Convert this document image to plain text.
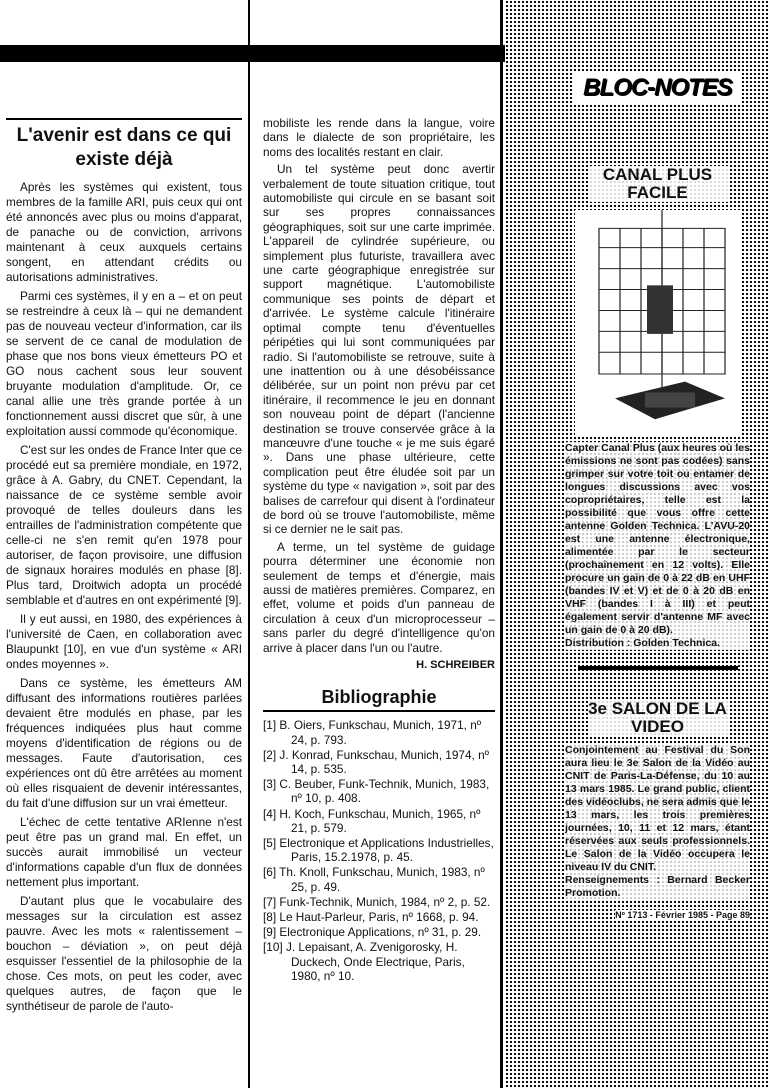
L'avenir est dans ce qui existe déjà

Après les systèmes qui existent, tous membres de la famille ARI, puis ceux qui ont été annoncés avec plus ou moins d'apparat, de panache ou de conviction, arrivons maintenant à ceux auxquels certains songent, en attendant crédits ou autorisations administratives.

Parmi ces systèmes, il y en a – et on peut se restreindre à ceux là – qui ne demandent pas de nouveau vecteur d'information, car ils se servent de ce canal de modulation de phase que nos bons vieux émetteurs PO et GO nous cachent sous leur souvent bruyante modulation d'amplitude. Or, ce canal allie une très grande portée à un fonctionnement aussi discret que sûr, à une exploitation aussi commode qu'économique.

C'est sur les ondes de France Inter que ce procédé eut sa première mondiale, en 1972, grâce à A. Gabry, du CNET. Cependant, la naissance de ce système semble avoir provoqué de telles douleurs dans les entrailles de l'administration compétente que celle-ci ne s'en remit qu'en 1978 pour autoriser, de façon provisoire, une diffusion de signaux horaires modulés en phase [8]. Plus tard, Droitwich adopta un procédé semblable et d'autres en ont expérimenté [9].

Il y eut aussi, en 1980, des expériences à l'université de Caen, en collaboration avec Blaupunkt [10], en vue d'un système « ARI ondes moyennes ».

Dans ce système, les émetteurs AM diffusant des informations routières parlées devaient être modulés en phase, par les fréquences indiquées plus haut comme moyens d'identification de régions ou de messages. Faute d'autorisation, ces expériences ont dû être arrêtées au moment où elles risquaient de devenir intéressantes, du fait d'une diffusion sur un vrai émetteur.

L'échec de cette tentative ARIenne n'est peut être pas un grand mal. En effet, un succès aurait immobilisé un vecteur d'informations capable d'un flux de données nettement plus important.

D'autant plus que le vocabulaire des messages sur la circulation est assez pauvre. Avec les mots « ralentissement – bouchon – déviation », on peut déjà esquisser l'essentiel de la philosophie de la chose. Ces mots, on peut les coder, avec quelques autres, de façon que le synthétiseur de parole de l'auto-

mobiliste les rende dans la langue, voire dans le dialecte de son propriétaire, les noms des localités restant en clair.

Un tel système peut donc avertir verbalement de toute situation critique, tout automobiliste qui circule en se basant soit sur ses propres connaissances géographiques, soit sur une carte imprimée. L'appareil de cylindrée supérieure, ou simplement plus futuriste, travaillera avec une carte géographique enregistrée sur support magnétique. L'automobiliste communique ses points de départ et d'arrivée. Le système calcule l'itinéraire optimal compte tenu d'éventuelles péripéties qui lui sont communiquées par radio. Si l'automobiliste se retrouve, suite à une inattention ou à une désobéissance délibérée, sur un point non prévu par cet itinéraire, il recommence le jeu en donnant son nouveau point de départ (l'ancienne destination se trouve conservée grâce à la manœuvre d'une touche « je me suis égaré ». Dans une phase ultérieure, cette complication peut être éludée soit par un système du type « navigation », soit par des balises de carrefour qui disent à l'ordinateur de bord où se trouve l'automobiliste, même si ce dernier ne le sait pas.

A terme, un tel système de guidage pourra déterminer une économie non seulement de temps et d'énergie, mais aussi de matières premières. Comparez, en effet, volume et poids d'un panneau de circulation à ceux d'un microprocesseur – sans parler du degré d'intelligence qu'on arrive à placer dans l'un ou l'autre.

H. SCHREIBER
Bibliographie
[1] B. Oiers, Funkschau, Munich, 1971, nº 24, p. 793.
[2] J. Konrad, Funkschau, Munich, 1974, nº 14, p. 535.
[3] C. Beuber, Funk-Technik, Munich, 1983, nº 10, p. 408.
[4] H. Koch, Funkschau, Munich, 1965, nº 21, p. 579.
[5] Electronique et Applications Industrielles, Paris, 15.2.1978, p. 45.
[6] Th. Knoll, Funkschau, Munich, 1983, nº 25, p. 49.
[7] Funk-Technik, Munich, 1984, nº 2, p. 52.
[8] Le Haut-Parleur, Paris, nº 1668, p. 94.
[9] Electronique Applications, nº 31, p. 29.
[10] J. Lepaisant, A. Zvenigorosky, H. Duckech, Onde Electrique, Paris, 1980, nº 10.
BLOC-NOTES
CANAL PLUS FACILE
Capter Canal Plus (aux heures où les émissions ne sont pas codées) sans grimper sur votre toit ou entamer de longues discussions avec vos copropriétaires, telle est la possibilité que vous offre cette antenne Golden Technica. L'AVU-20 est une antenne électronique, alimentée par le secteur (prochainement en 12 volts). Elle procure un gain de 0 à 22 dB en UHF (bandes IV et V) et de 0 à 20 dB en VHF (bandes I à III) et peut également servir d'antenne MF avec un gain de 0 à 20 dB).
Distribution : Golden Technica.
3e SALON DE LA VIDEO
Conjointement au Festival du Son aura lieu le 3e Salon de la Vidéo au CNIT de Paris-La-Défense, du 10 au 13 mars 1985. Le grand public, client des vidéoclubs, ne sera admis que le 13 mars, les trois premières journées, 10, 11 et 12 mars, étant réservées aux seuls professionnels. Le Salon de la Vidéo occupera le niveau IV du CNIT.
Renseignements : Bernard Becker Promotion.
Nº 1713 - Février 1985 - Page 89
